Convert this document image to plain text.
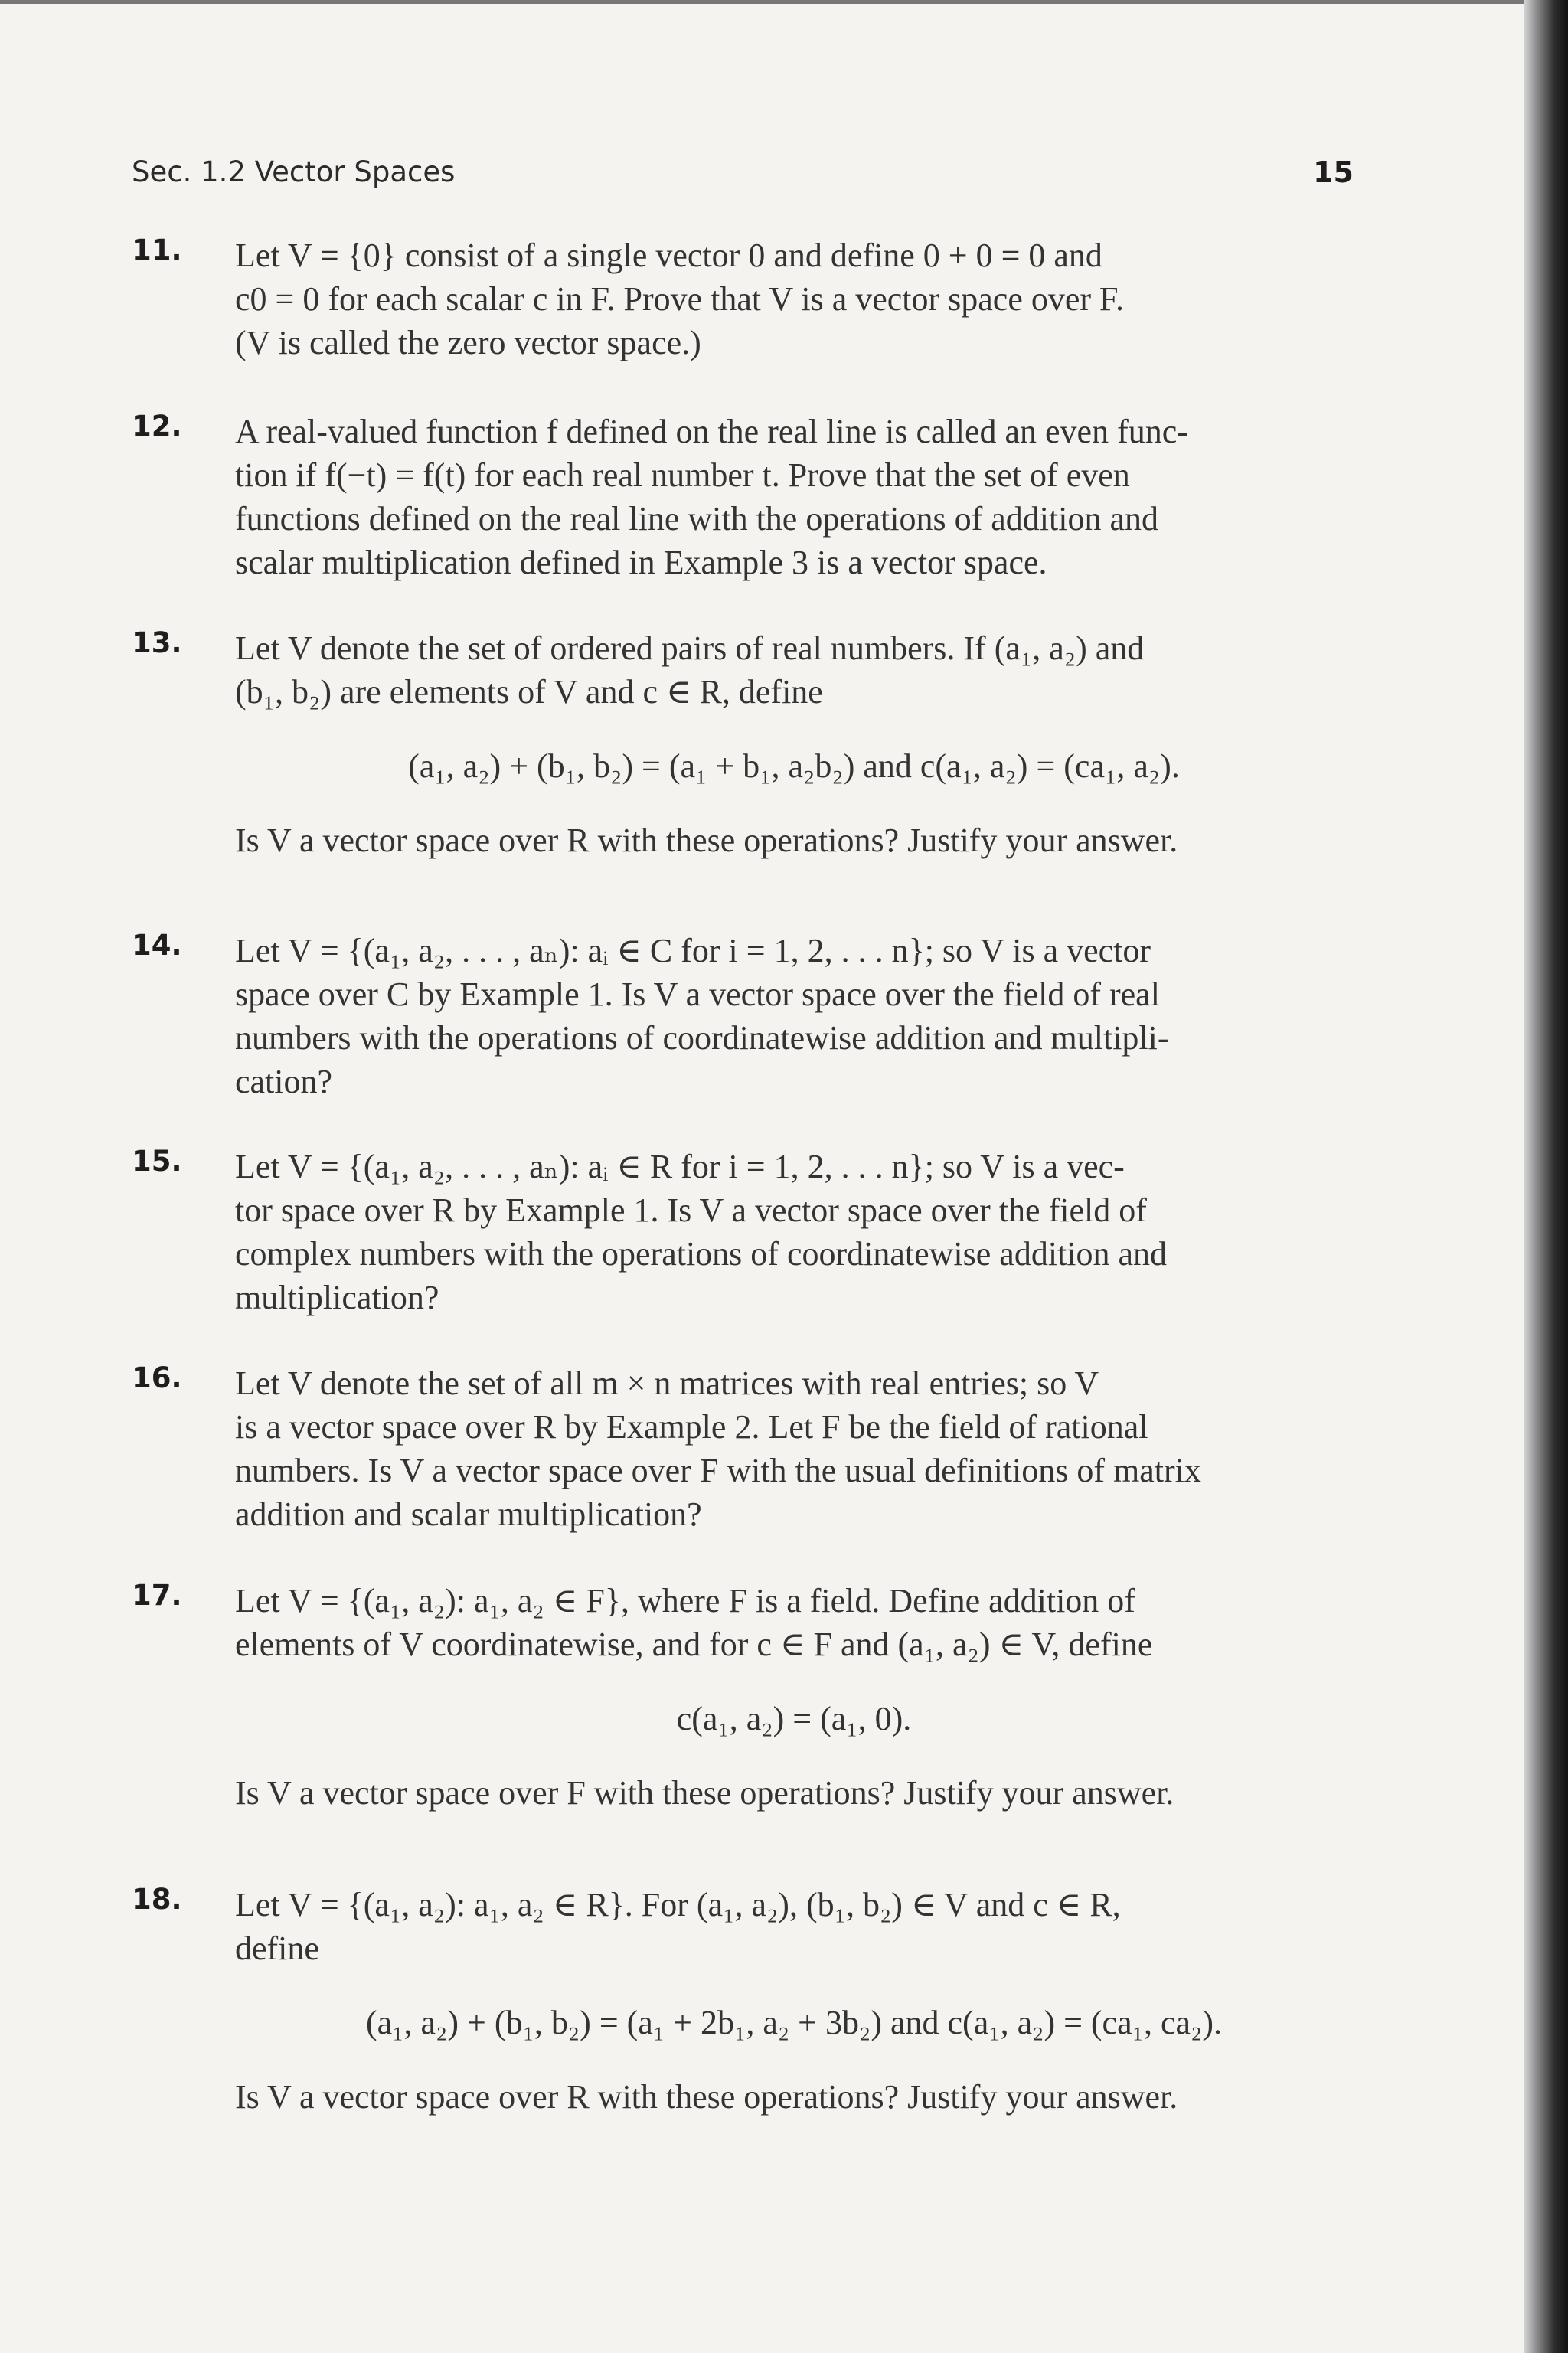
Sec. 1.2 Vector Spaces	15
11. Let V = {0} consist of a single vector 0 and define 0 + 0 = 0 and
c0 = 0 for each scalar c in F. Prove that V is a vector space over F.
(V is called the zero vector space.)
12. A real-valued function f defined on the real line is called an even func-
tion if f(−t) = f(t) for each real number t. Prove that the set of even
functions defined on the real line with the operations of addition and
scalar multiplication defined in Example 3 is a vector space.
13. Let V denote the set of ordered pairs of real numbers. If (a₁, a₂) and
(b₁, b₂) are elements of V and c ∈ R, define
(a₁, a₂) + (b₁, b₂) = (a₁ + b₁, a₂b₂) and c(a₁, a₂) = (ca₁, a₂).
Is V a vector space over R with these operations? Justify your answer.
14. Let V = {(a₁, a₂, . . . , aₙ): aᵢ ∈ C for i = 1, 2, . . . n}; so V is a vector
space over C by Example 1. Is V a vector space over the field of real
numbers with the operations of coordinatewise addition and multipli-
cation?
15. Let V = {(a₁, a₂, . . . , aₙ): aᵢ ∈ R for i = 1, 2, . . . n}; so V is a vec-
tor space over R by Example 1. Is V a vector space over the field of
complex numbers with the operations of coordinatewise addition and
multiplication?
16. Let V denote the set of all m × n matrices with real entries; so V
is a vector space over R by Example 2. Let F be the field of rational
numbers. Is V a vector space over F with the usual definitions of matrix
addition and scalar multiplication?
17. Let V = {(a₁, a₂): a₁, a₂ ∈ F}, where F is a field. Define addition of
elements of V coordinatewise, and for c ∈ F and (a₁, a₂) ∈ V, define
c(a₁, a₂) = (a₁, 0).
Is V a vector space over F with these operations? Justify your answer.
18. Let V = {(a₁, a₂): a₁, a₂ ∈ R}. For (a₁, a₂), (b₁, b₂) ∈ V and c ∈ R,
define
(a₁, a₂) + (b₁, b₂) = (a₁ + 2b₁, a₂ + 3b₂) and c(a₁, a₂) = (ca₁, ca₂).
Is V a vector space over R with these operations? Justify your answer.
